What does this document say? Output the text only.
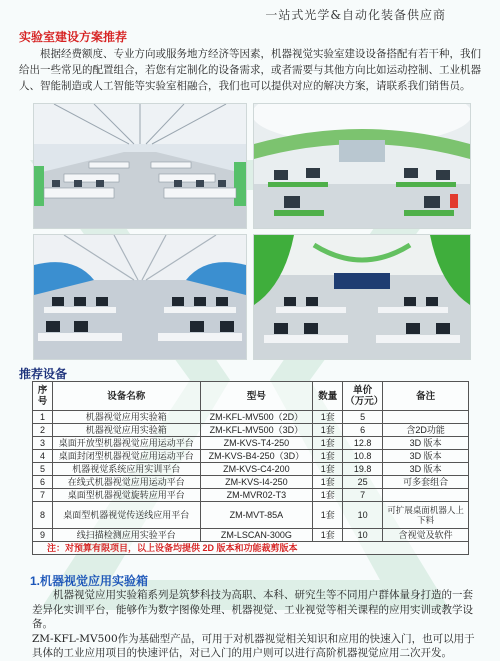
一站式光学&自动化装备供应商
实验室建设方案推荐
根据经费额度、专业方向或服务地方经济等因素，机器视觉实验室建设设备搭配有若干种，我们给出一些常见的配置组合，若您有定制化的设备需求，或者需要与其他方向比如运动控制、工业机器人、智能制造或人工智能等实验室相融合，我们也可以提供对应的解决方案，请联系我们销售员。
推荐设备
序号	设备名称	型号	数量	单价（万元）	备注
1	机器视觉应用实验箱	ZM-KFL-MV500（2D）	1套	5	
2	机器视觉应用实验箱	ZM-KFL-MV500（3D）	1套	6	含2D功能
3	桌面开放型机器视觉应用运动平台	ZM-KVS-T4-250	1套	12.8	3D 版本
4	桌面封闭型机器视觉应用运动平台	ZM-KVS-B4-250（3D）	1套	10.8	3D 版本
5	机器视觉系统应用实训平台	ZM-KVS-C4-200	1套	19.8	3D 版本
6	在线式机器视觉应用运动平台	ZM-KVS-I4-250	1套	25	可多套组合
7	桌面型机器视觉旋转应用平台	ZM-MVR02-T3	1套	7	
8	桌面型机器视觉传送线应用平台	ZM-MVT-85A	1套	10	可扩展桌面机器人上下料
9	线扫描检测应用实验平台	ZM-LSCAN-300G	1套	10	含视觉及软件
注：对预算有限项目，以上设备均提供 2D 版本和功能裁剪版本					
1.机器视觉应用实验箱

机器视觉应用实验箱系列是筑梦科技为高职、本科、研究生等不同用户群体量身打造的一套差异化实训平台，能够作为数字图像处理、机器视觉、工业视觉等相关课程的应用实训或教学设备。

ZM-KFL-MV500作为基础型产品，可用于对机器视觉相关知识和应用的快速入门，也可以用于具体的工业应用项目的快速评估，对已入门的用户则可以进行高阶机器视觉应用二次开发。
